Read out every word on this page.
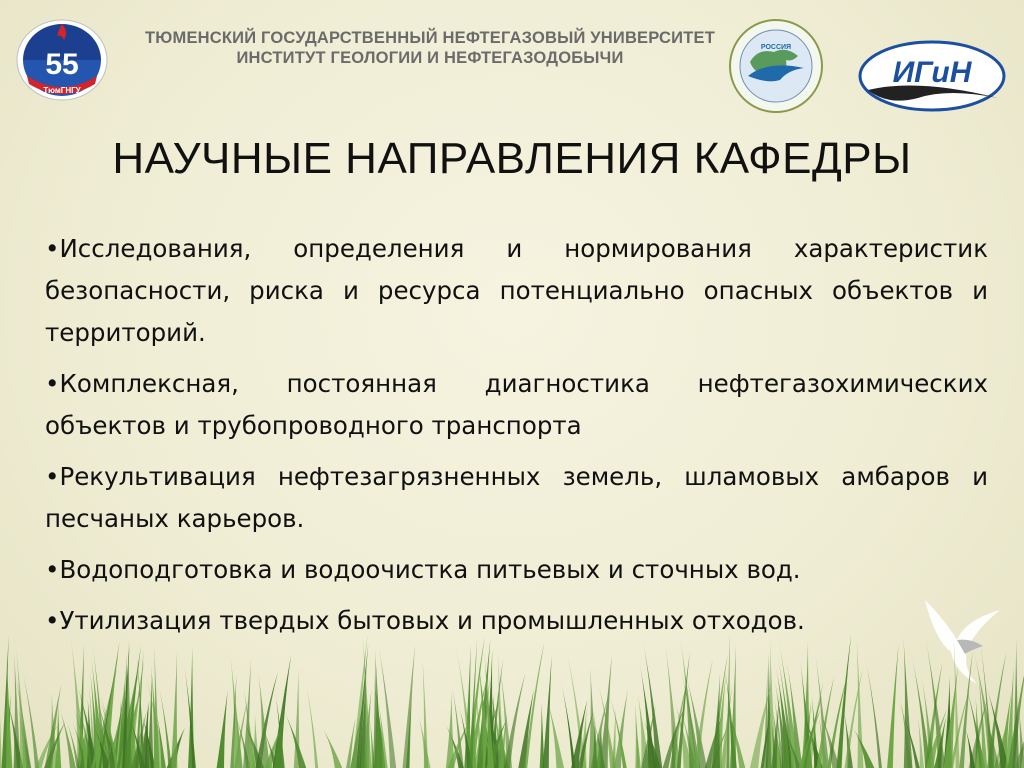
55
ТюмГНГУ
ТЮМЕНСКИЙ ГОСУДАРСТВЕННЫЙ НЕФТЕГАЗОВЫЙ УНИВЕРСИТЕТ
ИНСТИТУТ ГЕОЛОГИИ И НЕФТЕГАЗОДОБЫЧИ
РОССИЯ
ИГиН
НАУЧНЫЕ НАПРАВЛЕНИЯ КАФЕДРЫ
•Исследования, определения и нормирования характеристик безопасности, риска и ресурса потенциально опасных объектов и территорий.
•Комплексная, постоянная диагностика нефтегазохимических объектов и трубопроводного транспорта
•Рекультивация нефтезагрязненных земель, шламовых амбаров и песчаных карьеров.
•Водоподготовка и водоочистка питьевых и сточных вод.
•Утилизация твердых бытовых и промышленных отходов.
